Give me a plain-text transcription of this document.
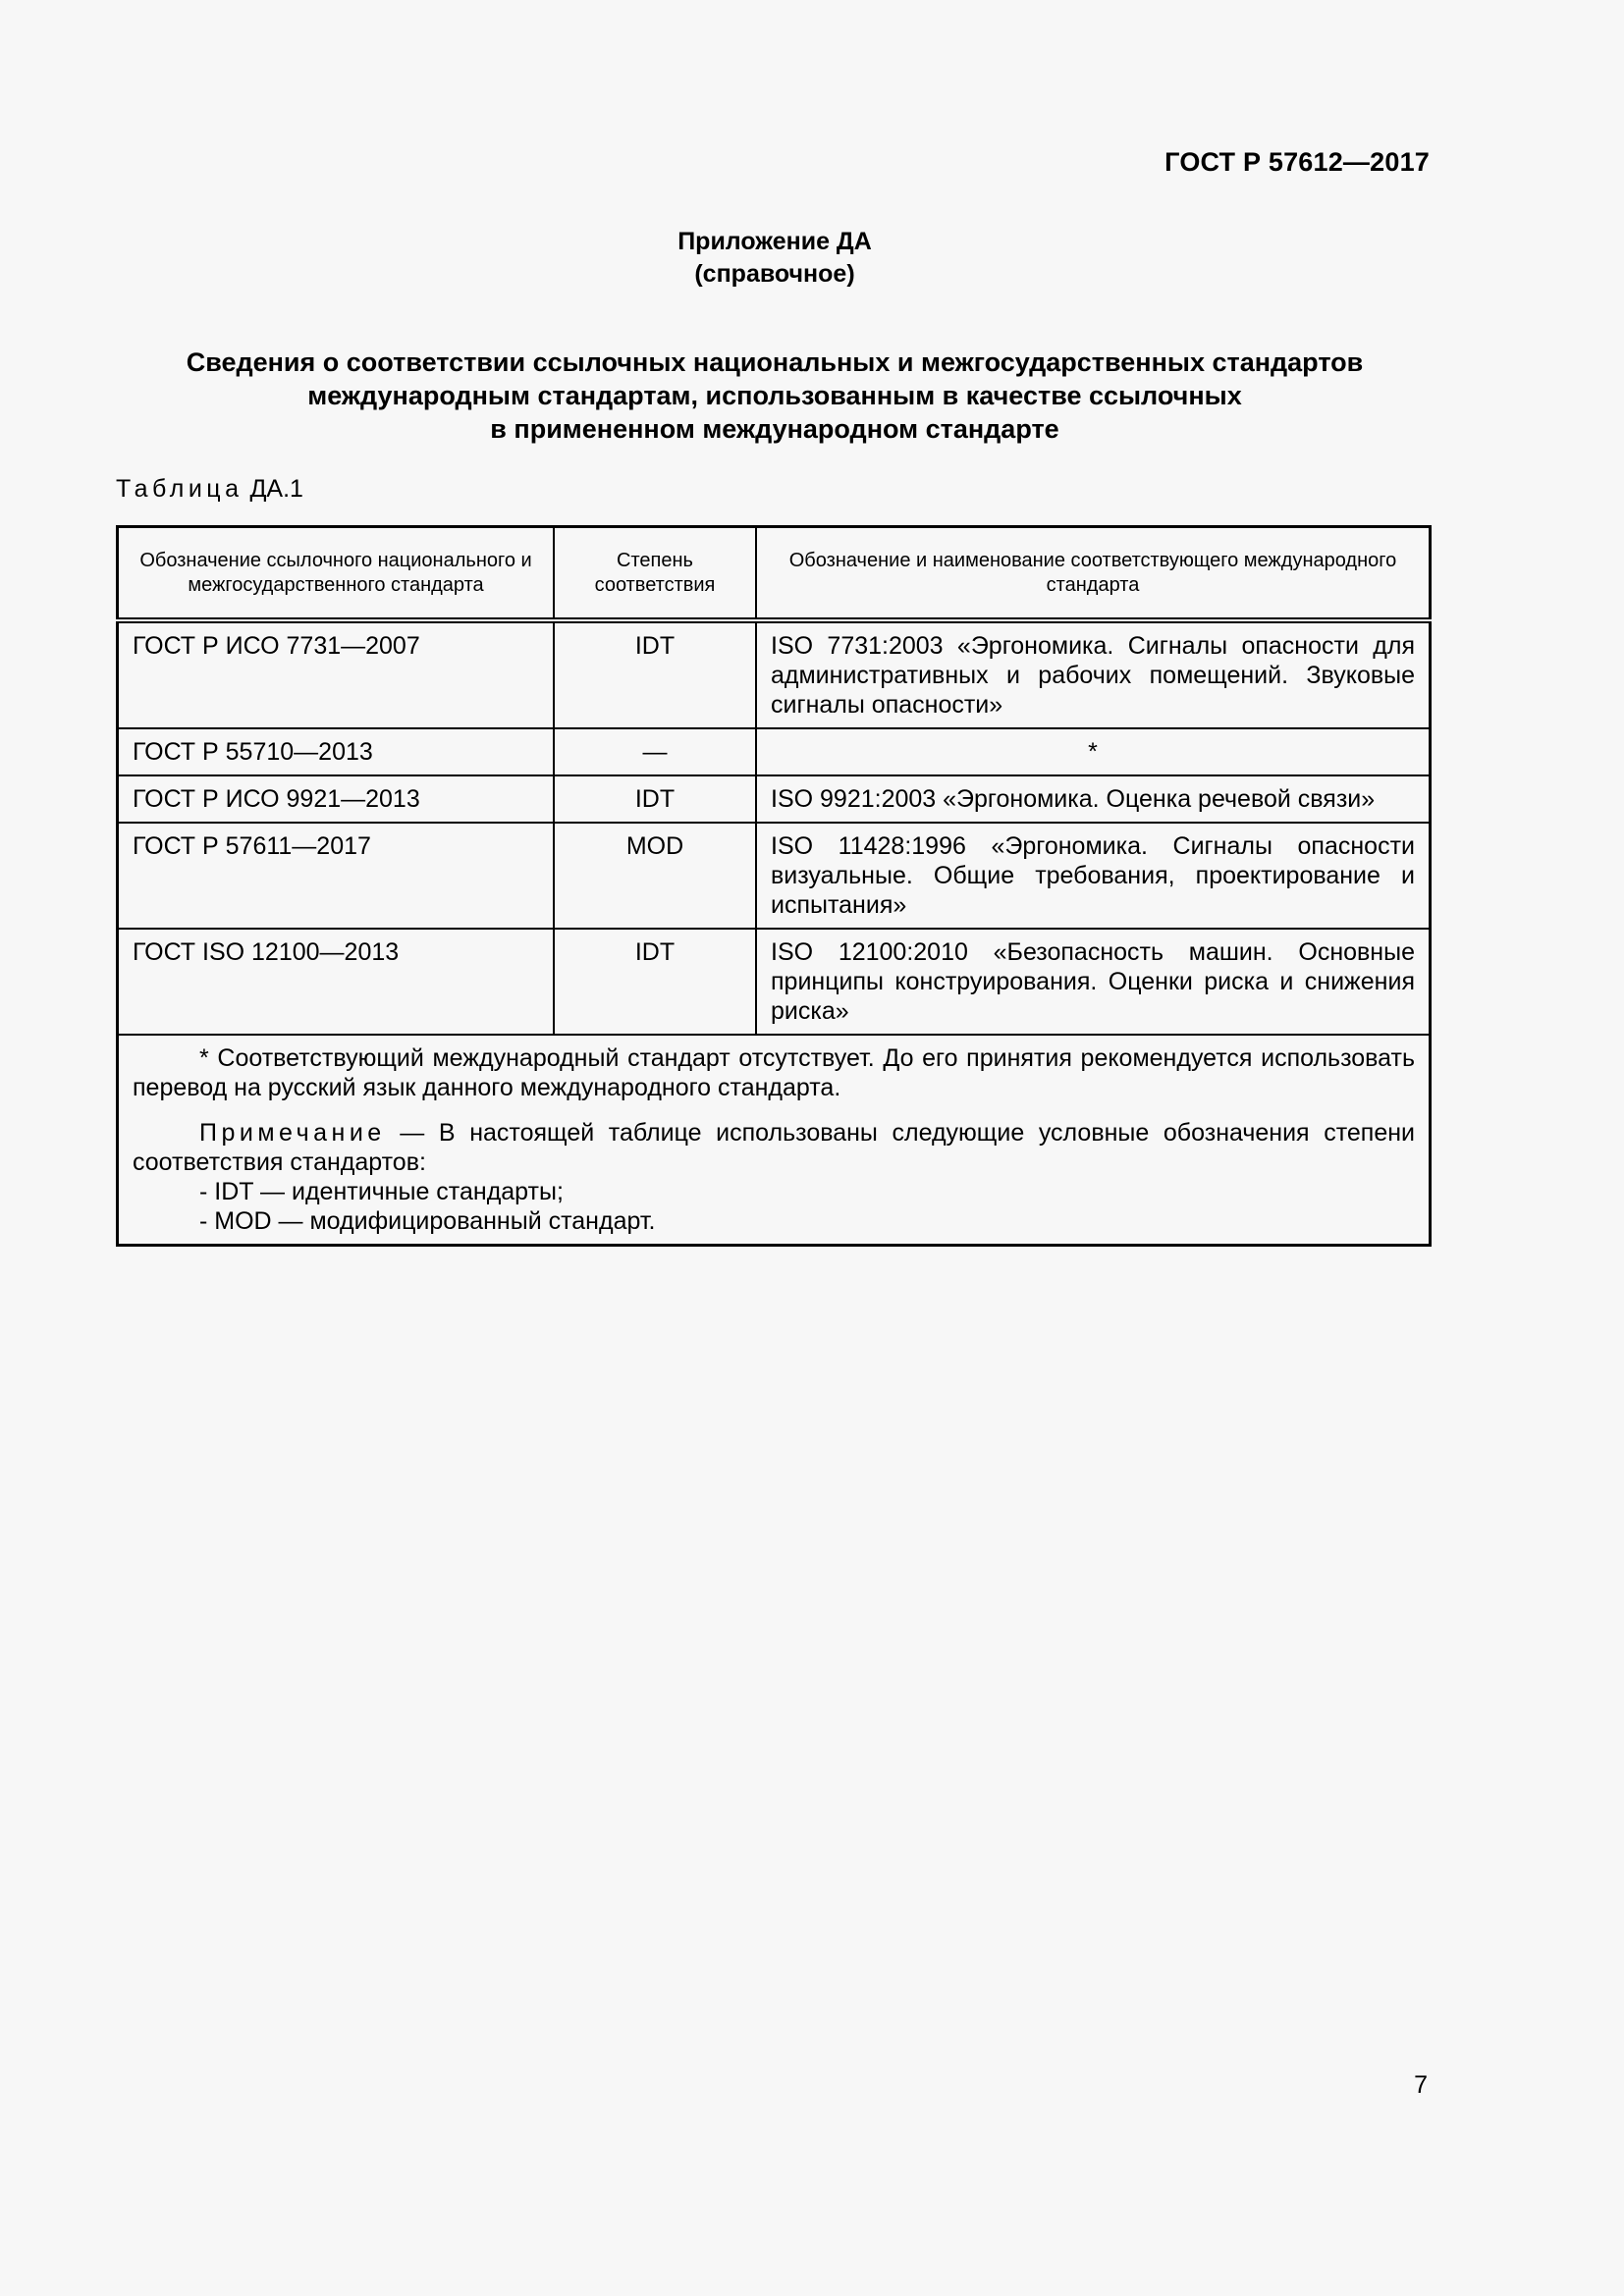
ГОСТ Р 57612—2017
Приложение ДА
(справочное)
Сведения о соответствии ссылочных национальных и межгосударственных стандартов
международным стандартам, использованным в качестве ссылочных
в примененном международном стандарте
Таблица ДА.1
Обозначение ссылочного национального и межгосударственного стандарта	Степень соответствия	Обозначение и наименование соответствующего международного стандарта
ГОСТ Р ИСО 7731—2007	IDT	ISO 7731:2003 «Эргономика. Сигналы опасности для административных и рабочих помещений. Звуковые сигналы опасности»
ГОСТ Р 55710—2013	—	*
ГОСТ Р ИСО 9921—2013	IDT	ISO 9921:2003 «Эргономика. Оценка речевой связи»
ГОСТ Р 57611—2017	MOD	ISO 11428:1996 «Эргономика. Сигналы опасности визуальные. Общие требования, проектирование и испытания»
ГОСТ ISO 12100—2013	IDT	ISO 12100:2010 «Безопасность машин. Основные принципы конструирования. Оценки риска и снижения риска»

* Соответствующий международный стандарт отсутствует. До его принятия рекомендуется использовать перевод на русский язык данного международного стандарта.

Примечание — В настоящей таблице использованы следующие условные обозначения степени соответствия стандартов:

- IDT — идентичные стандарты;
- MOD — модифицированный стандарт.		
7
